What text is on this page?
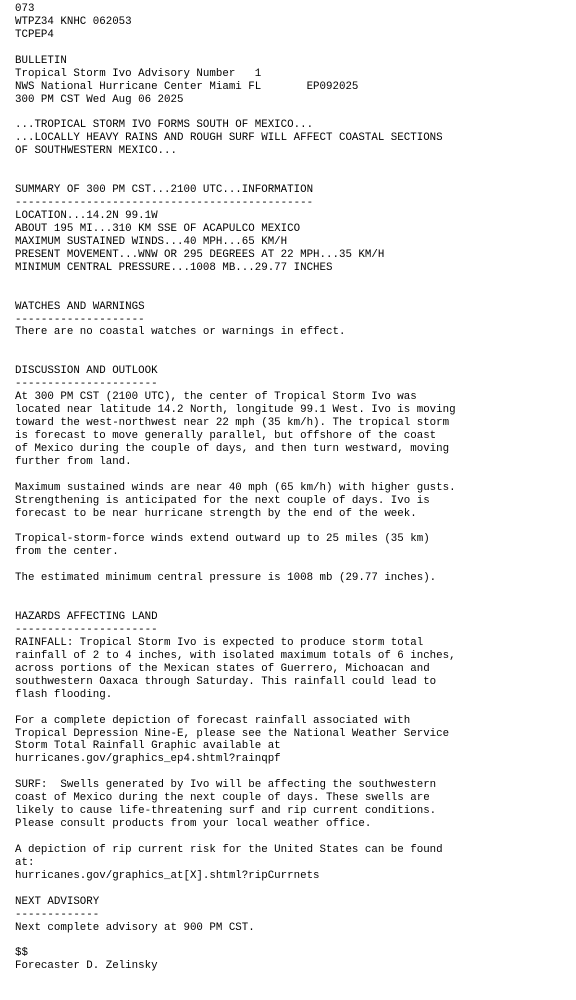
073
WTPZ34 KNHC 062053
TCPEP4
BULLETIN
Tropical Storm Ivo Advisory Number   1
NWS National Hurricane Center Miami FL       EP092025
300 PM CST Wed Aug 06 2025
...TROPICAL STORM IVO FORMS SOUTH OF MEXICO...
...LOCALLY HEAVY RAINS AND ROUGH SURF WILL AFFECT COASTAL SECTIONS
OF SOUTHWESTERN MEXICO...
SUMMARY OF 300 PM CST...2100 UTC...INFORMATION
----------------------------------------------
LOCATION...14.2N 99.1W
ABOUT 195 MI...310 KM SSE OF ACAPULCO MEXICO
MAXIMUM SUSTAINED WINDS...40 MPH...65 KM/H
PRESENT MOVEMENT...WNW OR 295 DEGREES AT 22 MPH...35 KM/H
MINIMUM CENTRAL PRESSURE...1008 MB...29.77 INCHES
WATCHES AND WARNINGS
--------------------
There are no coastal watches or warnings in effect.
DISCUSSION AND OUTLOOK
----------------------
At 300 PM CST (2100 UTC), the center of Tropical Storm Ivo was
located near latitude 14.2 North, longitude 99.1 West. Ivo is moving
toward the west-northwest near 22 mph (35 km/h). The tropical storm
is forecast to move generally parallel, but offshore of the coast
of Mexico during the couple of days, and then turn westward, moving
further from land.
Maximum sustained winds are near 40 mph (65 km/h) with higher gusts.
Strengthening is anticipated for the next couple of days. Ivo is
forecast to be near hurricane strength by the end of the week.
Tropical-storm-force winds extend outward up to 25 miles (35 km)
from the center.
The estimated minimum central pressure is 1008 mb (29.77 inches).
HAZARDS AFFECTING LAND
----------------------
RAINFALL: Tropical Storm Ivo is expected to produce storm total
rainfall of 2 to 4 inches, with isolated maximum totals of 6 inches,
across portions of the Mexican states of Guerrero, Michoacan and
southwestern Oaxaca through Saturday. This rainfall could lead to
flash flooding.
For a complete depiction of forecast rainfall associated with
Tropical Depression Nine-E, please see the National Weather Service
Storm Total Rainfall Graphic available at
hurricanes.gov/graphics_ep4.shtml?rainqpf
SURF:  Swells generated by Ivo will be affecting the southwestern
coast of Mexico during the next couple of days. These swells are
likely to cause life-threatening surf and rip current conditions.
Please consult products from your local weather office.
A depiction of rip current risk for the United States can be found
at:
hurricanes.gov/graphics_at[X].shtml?ripCurrnets
NEXT ADVISORY
-------------
Next complete advisory at 900 PM CST.
$$
Forecaster D. Zelinsky
